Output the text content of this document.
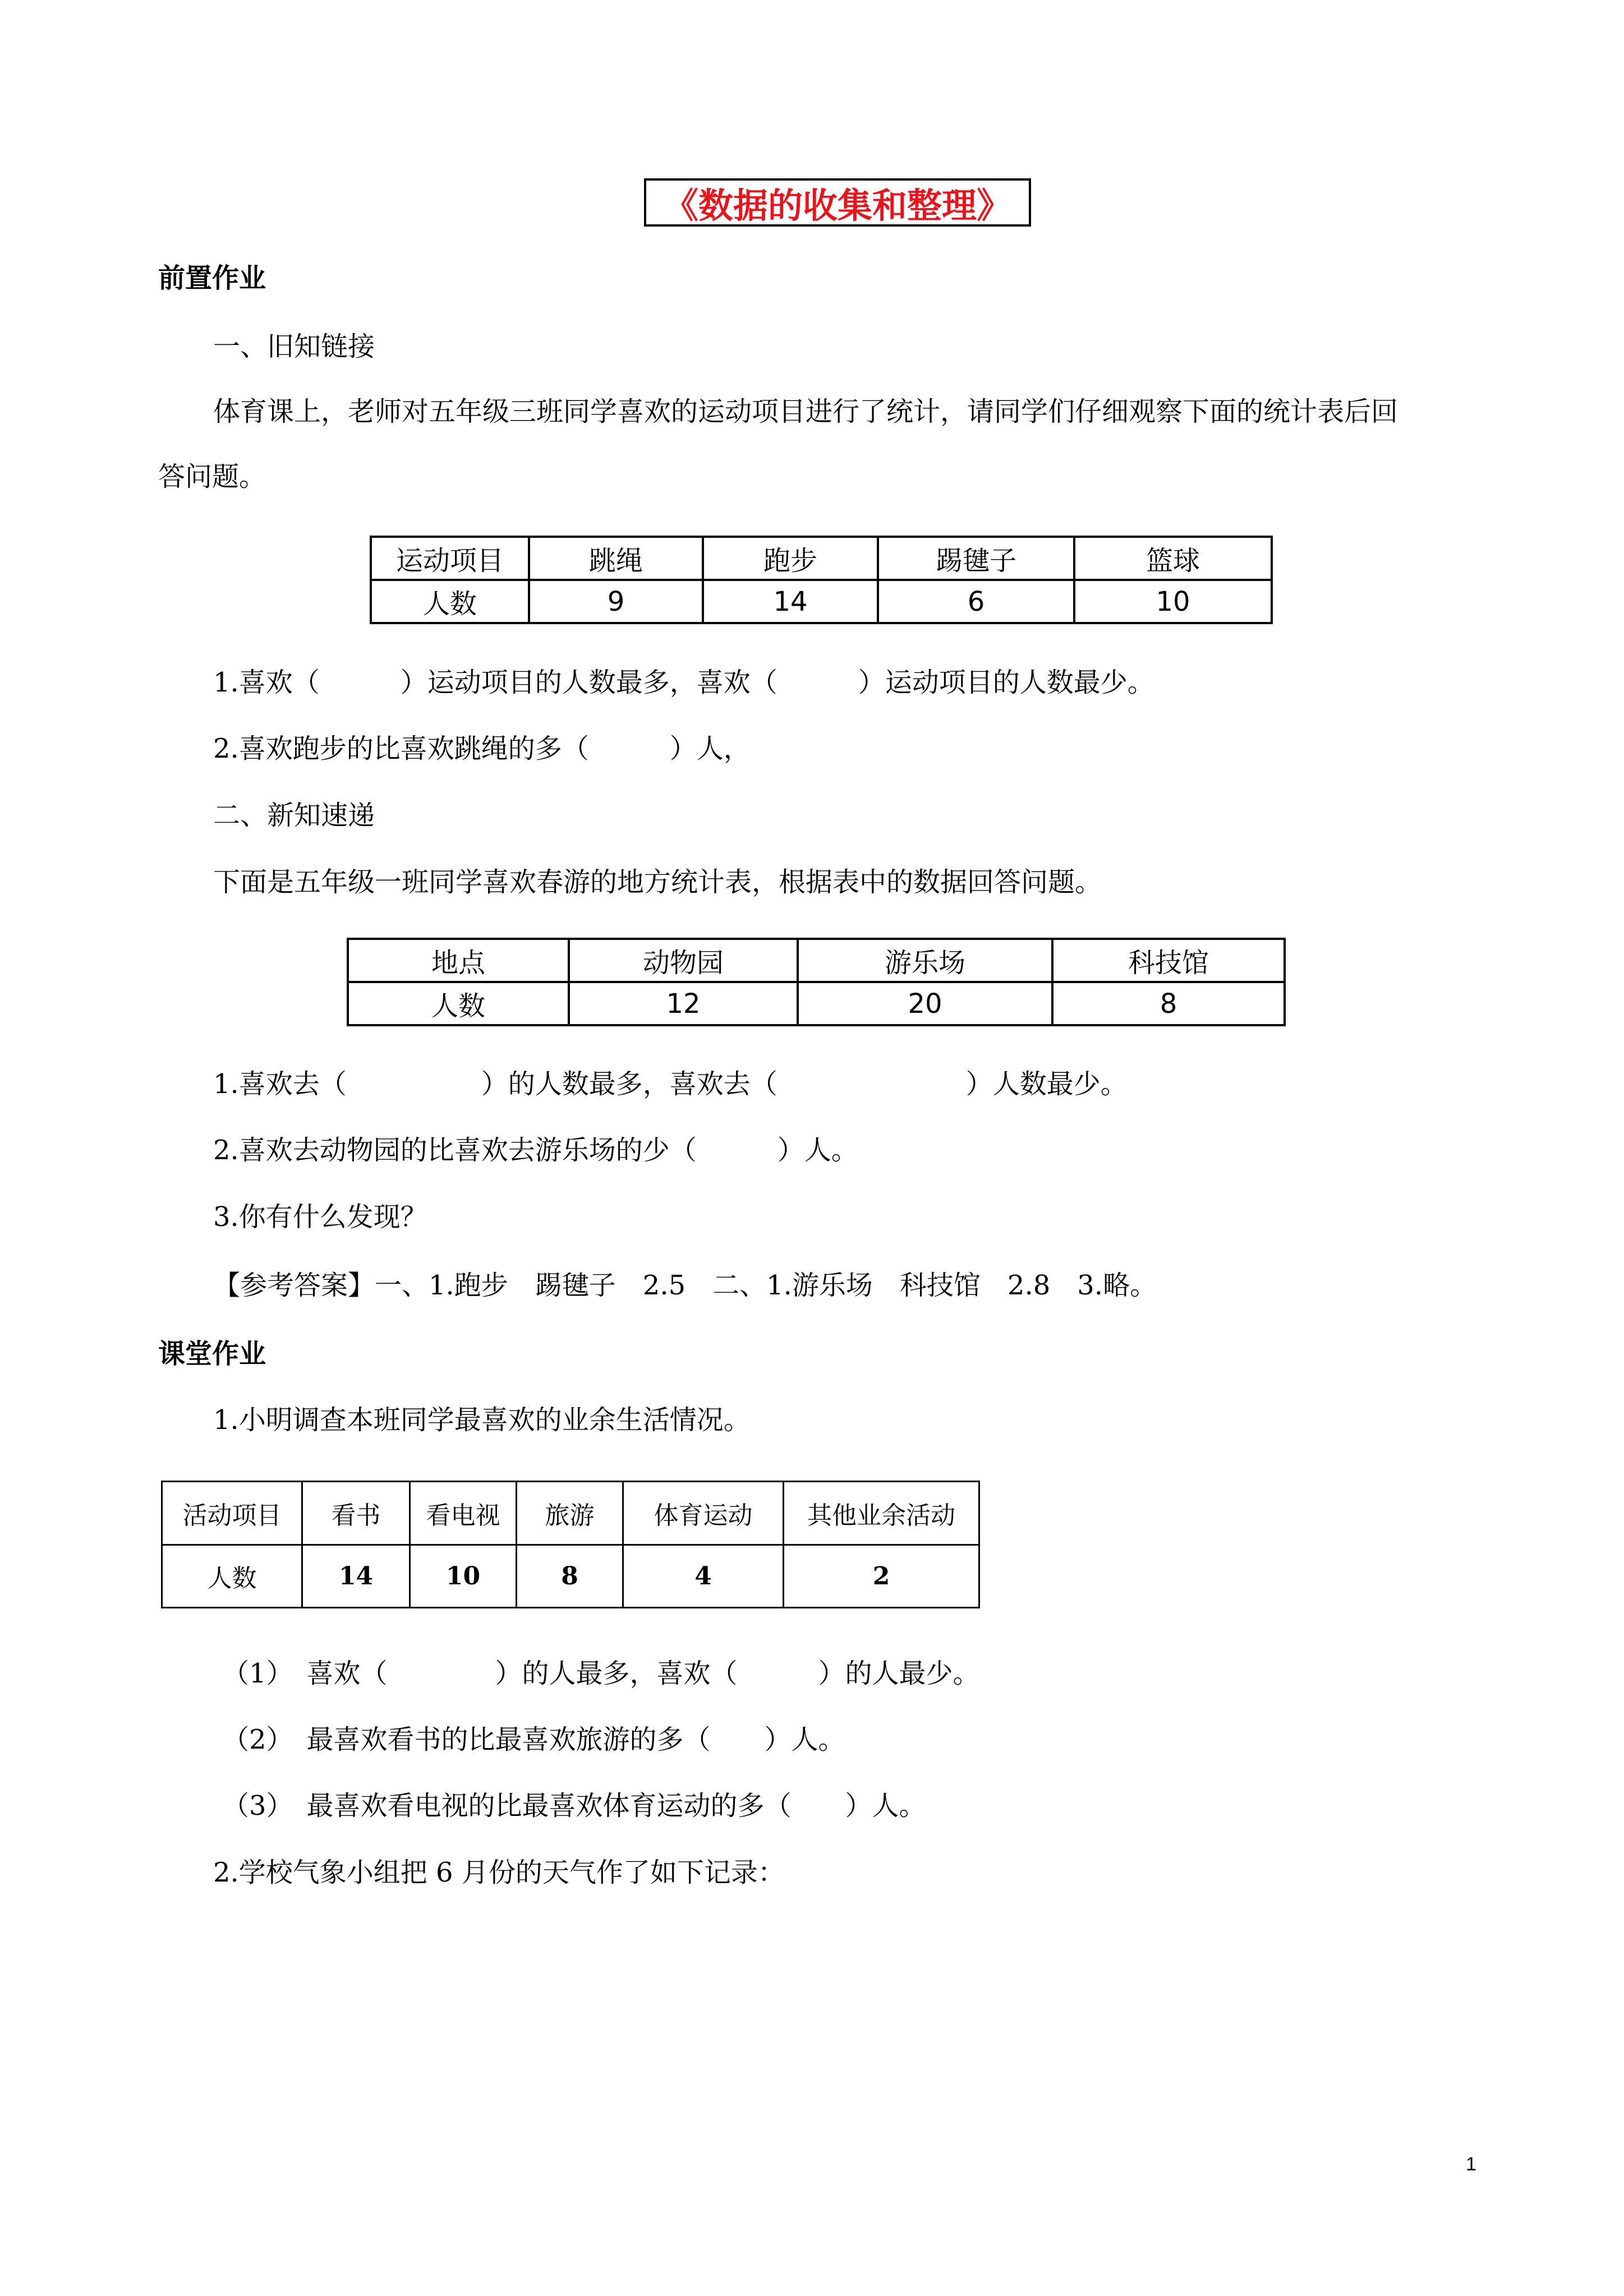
《数据的收集和整理》
前置作业
一、旧知链接
体育课上，老师对五年级三班同学喜欢的运动项目进行了统计，请同学们仔细观察下面的统计表后回
答问题。
运动项目	跳绳	跑步	踢毽子	篮球
人数	9	14	6	10
1.喜欢（　　　）运动项目的人数最多，喜欢（　　　）运动项目的人数最少。
2.喜欢跑步的比喜欢跳绳的多（　　　）人，
二、新知速递
下面是五年级一班同学喜欢春游的地方统计表，根据表中的数据回答问题。
地点	动物园	游乐场	科技馆
人数	12	20	8
1.喜欢去（　　　　　）的人数最多，喜欢去（　　　　　　　）人数最少。
2.喜欢去动物园的比喜欢去游乐场的少（　　　）人。
3.你有什么发现？
【参考答案】一、1.跑步　踢毽子　2.5　二、1.游乐场　科技馆　2.8　3.略。
课堂作业
1.小明调查本班同学最喜欢的业余生活情况。
活动项目	看书	看电视	旅游	体育运动	其他业余活动
人数	14	10	8	4	2
（1）　喜欢（　　　　）的人最多，喜欢（　　　）的人最少。
（2）　最喜欢看书的比最喜欢旅游的多（　　）人。
（3）　最喜欢看电视的比最喜欢体育运动的多（　　）人。
2.学校气象小组把 6 月份的天气作了如下记录：
1
